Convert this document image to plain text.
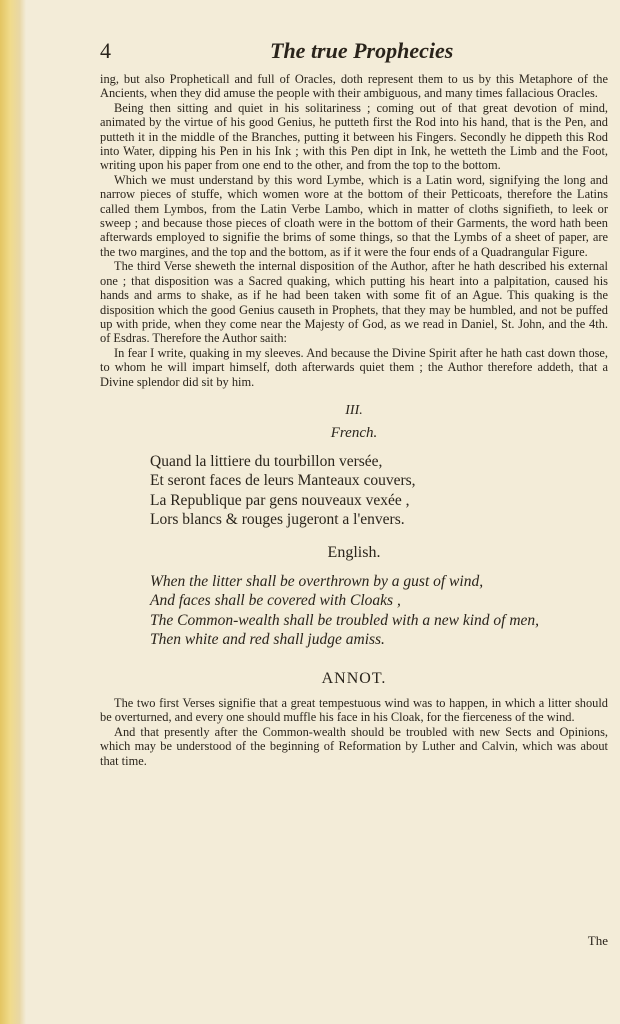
4	The true Prophecies

ing, but also Propheticall and full of Oracles, doth represent them to us by this Metaphore of the Ancients, when they did amuse the people with their ambiguous, and many times fallacious Oracles.

Being then sitting and quiet in his solitariness ; coming out of that great devotion of mind, animated by the virtue of his good Genius, he putteth first the Rod into his hand, that is the Pen, and putteth it in the middle of the Branches, putting it between his Fingers. Secondly he dippeth this Rod into Water, dipping his Pen in his Ink ; with this Pen dipt in Ink, he wetteth the Limb and the Foot, writing upon his paper from one end to the other, and from the top to the bottom.

Which we must understand by this word Lymbe, which is a Latin word, signifying the long and narrow pieces of stuffe, which women wore at the bottom of their Petticoats, therefore the Latins called them Lymbos, from the Latin Verbe Lambo, which in matter of cloths signifieth, to leek or sweep ; and because those pieces of cloath were in the bottom of their Garments, the word hath been afterwards employed to signifie the brims of some things, so that the Lymbs of a sheet of paper, are the two margines, and the top and the bottom, as if it were the four ends of a Quadrangular Figure.

The third Verse sheweth the internal disposition of the Author, after he hath described his external one ; that disposition was a Sacred quaking, which putting his heart into a palpitation, caused his hands and arms to shake, as if he had been taken with some fit of an Ague. This quaking is the disposition which the good Genius causeth in Prophets, that they may be humbled, and not be puffed up with pride, when they come near the Majesty of God, as we read in Daniel, St. John, and the 4th. of Esdras. Therefore the Author saith:

In fear I write, quaking in my sleeves. And because the Divine Spirit after he hath cast down those, to whom he will impart himself, doth afterwards quiet them ; the Author therefore addeth, that a Divine splendor did sit by him.

III.
French.
Quand la littiere du tourbillon versée,
Et seront faces de leurs Manteaux couvers,
La Republique par gens nouveaux vexée ,
Lors blancs & rouges jugeront a l'envers.
English.
When the litter shall be overthrown by a gust of wind,
And faces shall be covered with Cloaks ,
The Common-wealth shall be troubled with a new kind of men,
Then white and red shall judge amiss.
ANNOT.

The two first Verses signifie that a great tempestuous wind was to happen, in which a litter should be overturned, and every one should muffle his face in his Cloak, for the fierceness of the wind.

And that presently after the Common-wealth should be troubled with new Sects and Opinions, which may be understood of the beginning of Reformation by Luther and Calvin, which was about that time.

The
